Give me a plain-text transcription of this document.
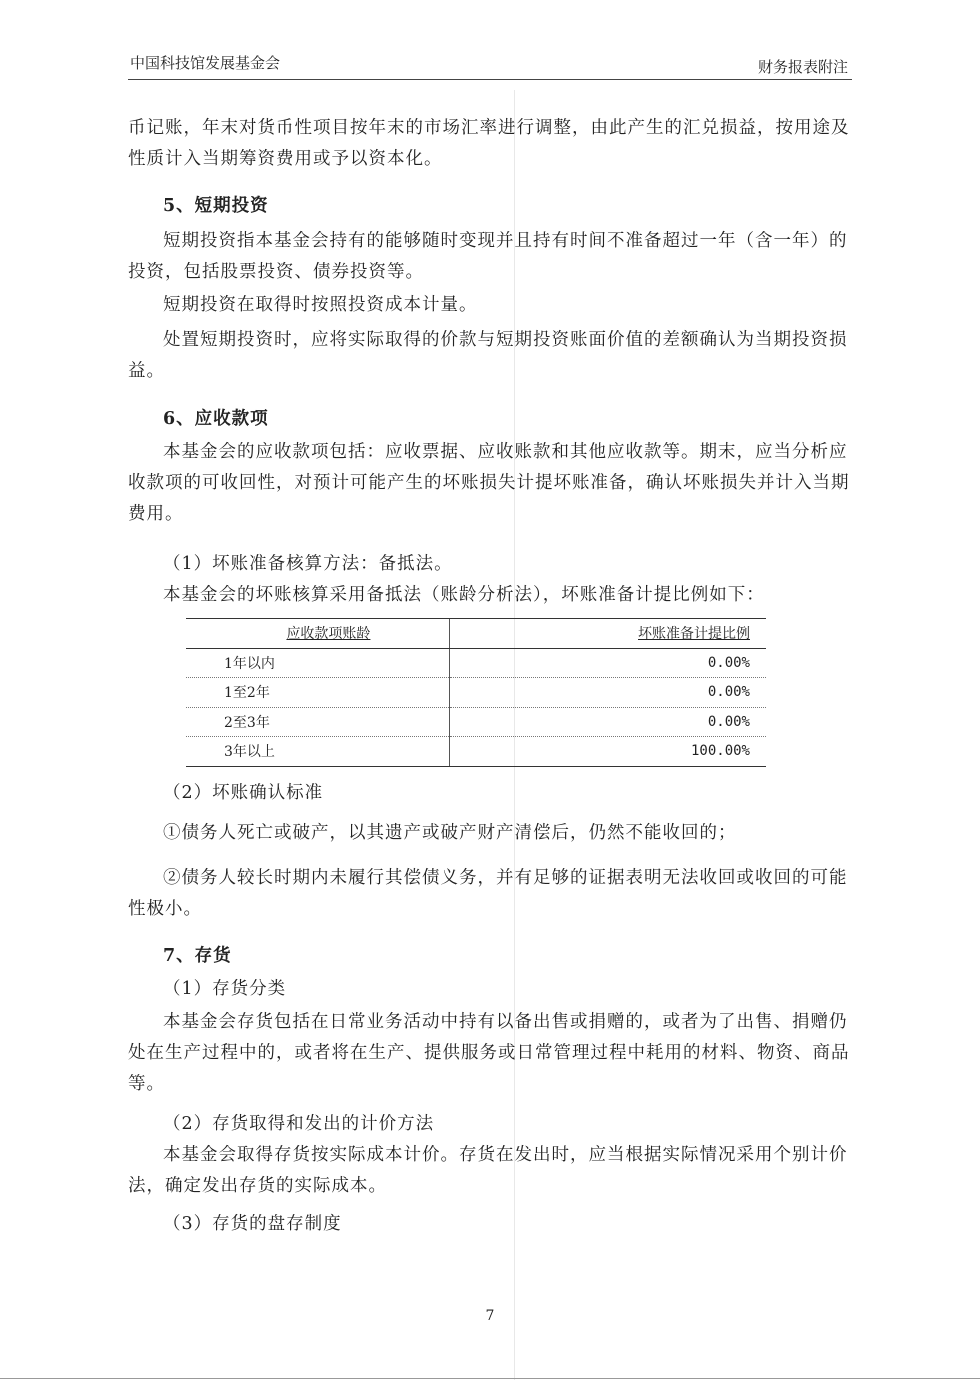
中国科技馆发展基金会	财务报表附注
币记账，年末对货币性项目按年末的市场汇率进行调整，由此产生的汇兑损益，按用途及性质计入当期筹资费用或予以资本化。
5、短期投资
短期投资指本基金会持有的能够随时变现并且持有时间不准备超过一年（含一年）的投资，包括股票投资、债券投资等。
短期投资在取得时按照投资成本计量。
处置短期投资时，应将实际取得的价款与短期投资账面价值的差额确认为当期投资损益。
6、应收款项
本基金会的应收款项包括：应收票据、应收账款和其他应收款等。期末，应当分析应收款项的可收回性，对预计可能产生的坏账损失计提坏账准备，确认坏账损失并计入当期费用。
（1）坏账准备核算方法：备抵法。
本基金会的坏账核算采用备抵法（账龄分析法），坏账准备计提比例如下：
应收款项账龄	坏账准备计提比例
1年以内	0.00%
1至2年	0.00%
2至3年	0.00%
3年以上	100.00%
（2）坏账确认标准
①债务人死亡或破产，以其遗产或破产财产清偿后，仍然不能收回的；
②债务人较长时期内未履行其偿债义务，并有足够的证据表明无法收回或收回的可能性极小。
7、存货
（1）存货分类
本基金会存货包括在日常业务活动中持有以备出售或捐赠的，或者为了出售、捐赠仍处在生产过程中的，或者将在生产、提供服务或日常管理过程中耗用的材料、物资、商品等。
（2）存货取得和发出的计价方法
本基金会取得存货按实际成本计价。存货在发出时，应当根据实际情况采用个别计价法，确定发出存货的实际成本。
（3）存货的盘存制度
7
